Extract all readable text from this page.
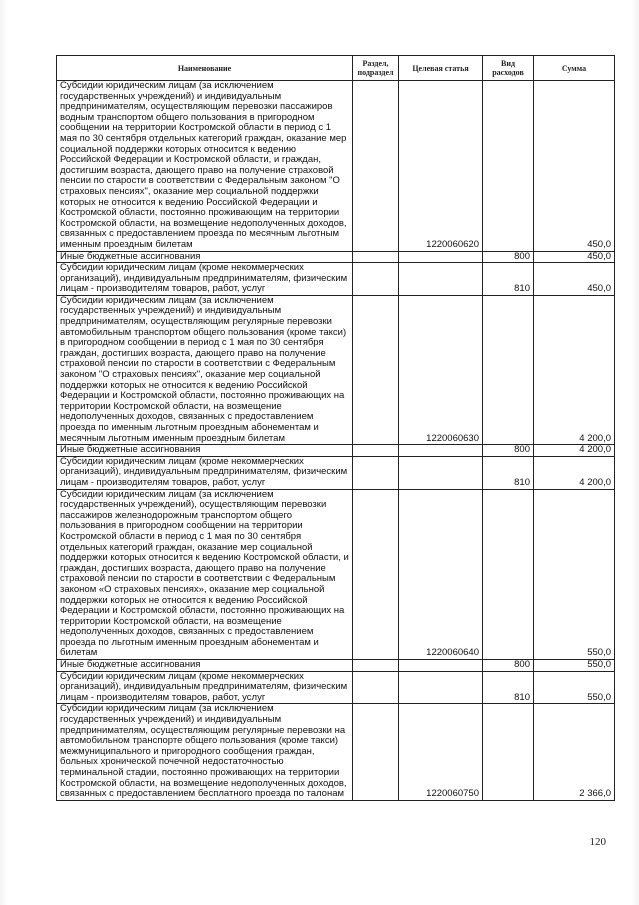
Наименование	Раздел, подраздел	Целевая статья	Вид расходов	Сумма
Субсидии юридическим лицам (за исключением государственных учреждений) и индивидуальным предпринимателям, осуществляющим перевозки пассажиров водным транспортом общего пользования в пригородном сообщении на территории Костромской области в период с 1 мая по 30 сентября отдельных категорий граждан, оказание мер социальной поддержки которых относится к ведению Российской Федерации и Костромской области, и граждан, достигшим возраста, дающего право на получение страховой пенсии по старости в соответствии с Федеральным законом "О страховых пенсиях", оказание мер социальной поддержки которых не относится к ведению Российской Федерации и Костромской области, постоянно проживающим на территории Костромской области, на возмещение недополученных доходов, связанных с предоставлением проезда по месячным льготным именным проездным билетам		1220060620		450,0
Иные бюджетные ассигнования			800	450,0
Субсидии юридическим лицам (кроме некоммерческих организаций), индивидуальным предпринимателям, физическим лицам - производителям товаров, работ, услуг			810	450,0
Субсидии юридическим лицам (за исключением государственных учреждений) и индивидуальным предпринимателям, осуществляющим регулярные перевозки автомобильным транспортом общего пользования (кроме такси) в пригородном сообщении в период с 1 мая по 30 сентября граждан, достигших возраста, дающего право на получение страховой пенсии по старости в соответствии с Федеральным законом "О страховых пенсиях", оказание мер социальной поддержки которых не относится к ведению Российской Федерации и Костромской области, постоянно проживающих на территории Костромской области, на возмещение недополученных доходов, связанных с предоставлением проезда по именным льготным проездным абонементам и месячным льготным именным проездным билетам		1220060630		4 200,0
Иные бюджетные ассигнования			800	4 200,0
Субсидии юридическим лицам (кроме некоммерческих организаций), индивидуальным предпринимателям, физическим лицам - производителям товаров, работ, услуг			810	4 200,0
Субсидии юридическим лицам (за исключением государственных учреждений), осуществляющим перевозки пассажиров железнодорожным транспортом общего пользования в пригородном сообщении на территории Костромской области в период с 1 мая по 30 сентября отдельных категорий граждан, оказание мер социальной поддержки которых относится к ведению Костромской области, и граждан, достигших возраста, дающего право на получение страховой пенсии по старости в соответствии с Федеральным законом «О страховых пенсиях», оказание мер социальной поддержки которых не относится к ведению Российской Федерации и Костромской области, постоянно проживающих на территории Костромской области, на возмещение недополученных доходов, связанных с предоставлением проезда по льготным именным проездным абонементам и билетам		1220060640		550,0
Иные бюджетные ассигнования			800	550,0
Субсидии юридическим лицам (кроме некоммерческих организаций), индивидуальным предпринимателям, физическим лицам - производителям товаров, работ, услуг			810	550,0
Субсидии юридическим лицам (за исключением государственных учреждений) и индивидуальным предпринимателям, осуществляющим регулярные перевозки на автомобильном транспорте общего пользования (кроме такси) межмуниципального и пригородного сообщения граждан, больных хронической почечной недостаточностью терминальной стадии, постоянно проживающих на территории Костромской области, на возмещение недополученных доходов, связанных с предоставлением бесплатного проезда по талонам		1220060750		2 366,0
120
